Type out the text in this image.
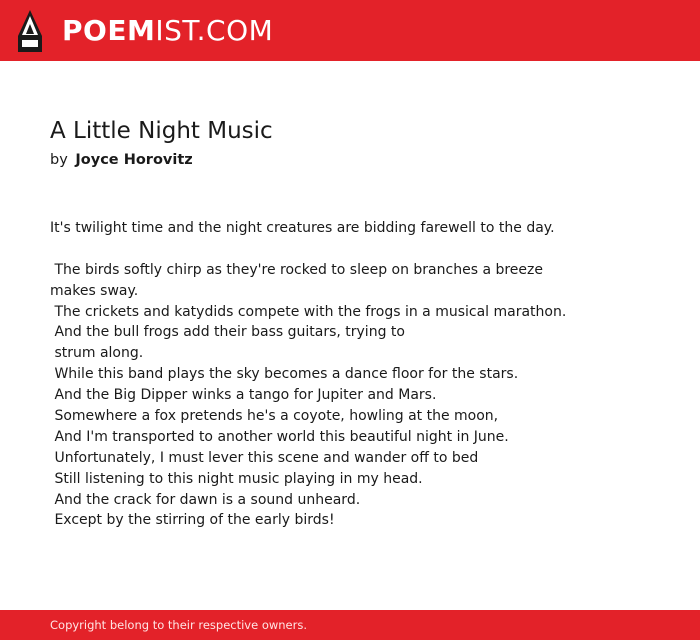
POEMIST.COM
A Little Night Music
by Joyce Horovitz
It's twilight time and the night creatures are bidding farewell to the day.
The birds softly chirp as they're rocked to sleep on branches a breeze
makes sway.
The crickets and katydids compete with the frogs in a musical marathon.
And the bull frogs add their bass guitars, trying to
strum along.
While this band plays the sky becomes a dance floor for the stars.
And the Big Dipper winks a tango for Jupiter and Mars.
Somewhere a fox pretends he's a coyote, howling at the moon,
And I'm transported to another world this beautiful night in June.
Unfortunately, I must lever this scene and wander off to bed
Still listening to this night music playing in my head.
And the crack for dawn is a sound unheard.
Except by the stirring of the early birds!
Copyright belong to their respective owners.
